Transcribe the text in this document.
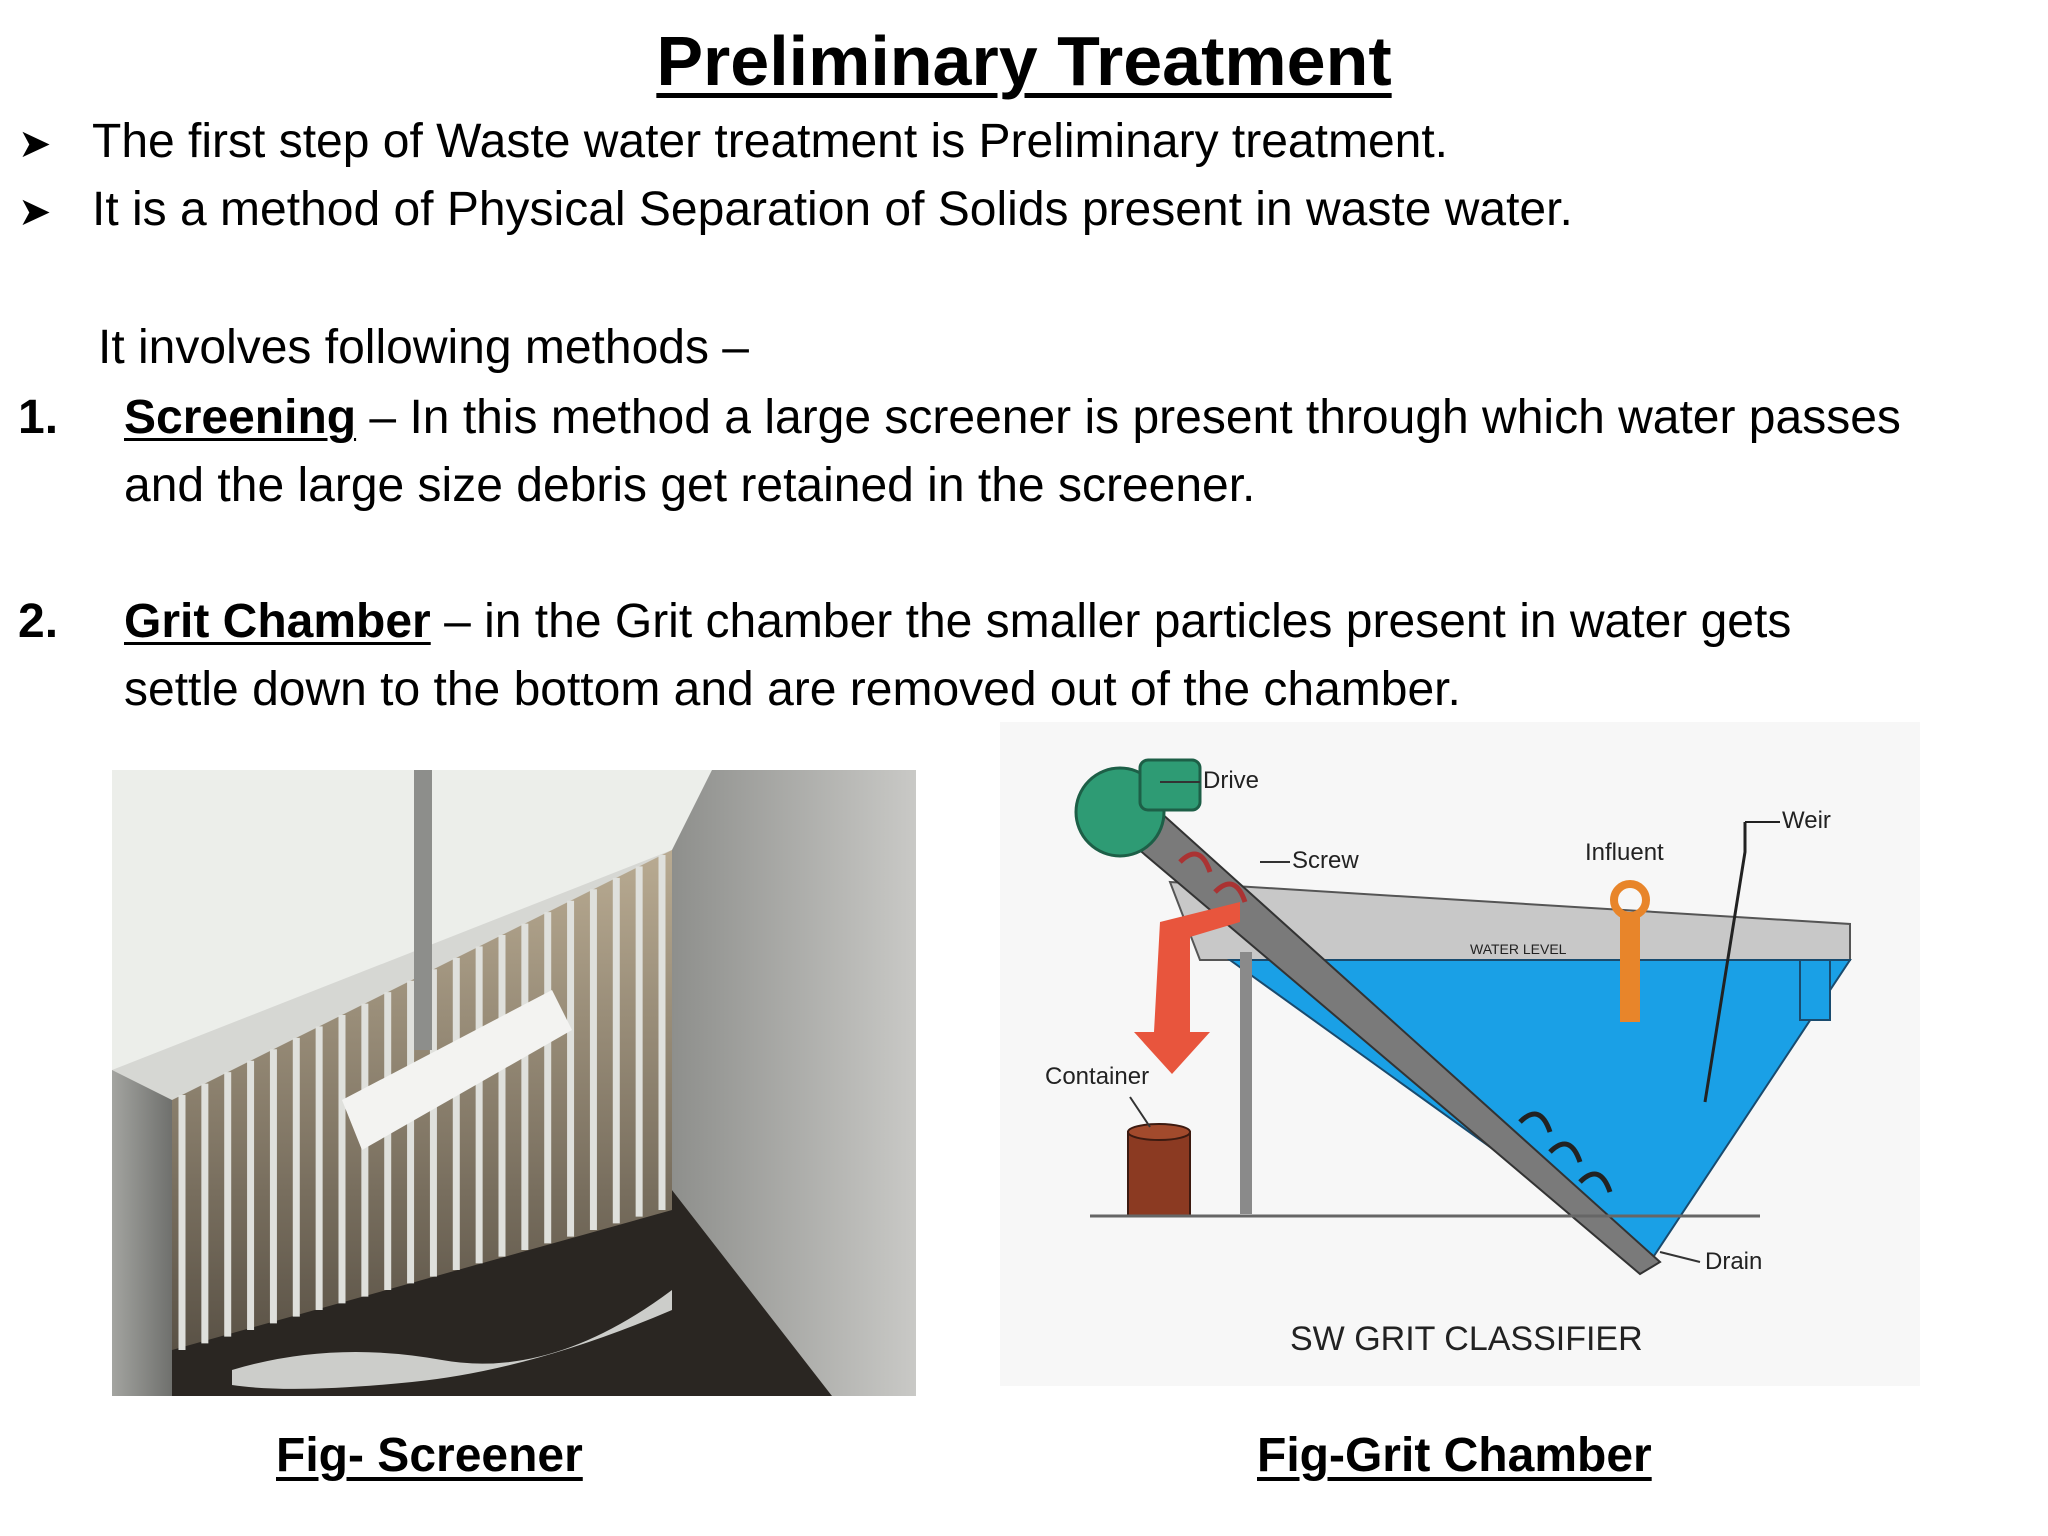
Preliminary Treatment
➤ The first step of Waste water treatment is Preliminary treatment.
➤ It is a method of Physical Separation of Solids present in waste water.
It involves following methods –
1. Screening – In this method a large screener is present through which water passes
and the large size debris get retained in the screener.
2. Grit Chamber – in the Grit chamber the smaller particles present in water gets
settle down to the bottom and are removed out of the chamber.
Drive
Screw	Influent
Weir
WATER LEVEL
Container
Drain
SW GRIT CLASSIFIER
Fig- Screener	Fig-Grit Chamber
